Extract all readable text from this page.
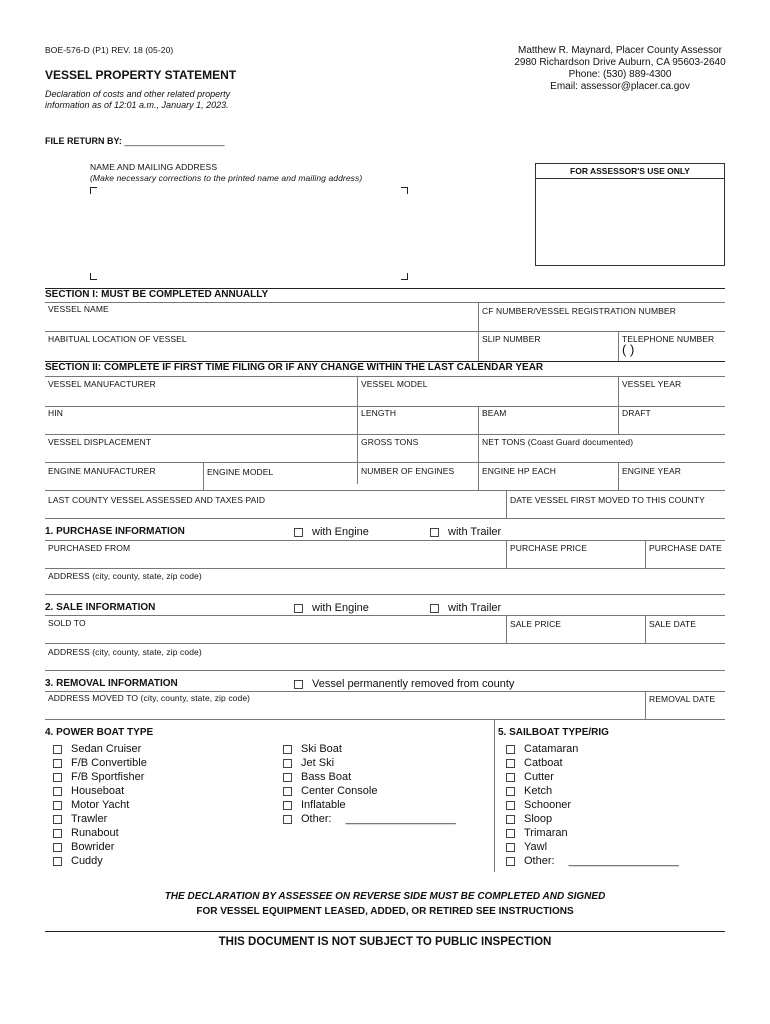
BOE-576-D (P1) REV. 18 (05-20)
VESSEL PROPERTY STATEMENT
Declaration of costs and other related property
information as of 12:01 a.m., January 1, 2023.
Matthew R. Maynard, Placer County Assessor
2980 Richardson Drive Auburn, CA 95603-2640
Phone: (530) 889-4300
Email: assessor@placer.ca.gov
FILE RETURN BY: ____________________
NAME AND MAILING ADDRESS
(Make necessary corrections to the printed name and mailing address)
FOR ASSESSOR'S USE ONLY
SECTION I: MUST BE COMPLETED ANNUALLY
VESSEL NAME	CF NUMBER/VESSEL REGISTRATION NUMBER
HABITUAL LOCATION OF VESSEL	SLIP NUMBER	TELEPHONE NUMBER
( )
SECTION II: COMPLETE IF FIRST TIME FILING OR IF ANY CHANGE WITHIN THE LAST CALENDAR YEAR
VESSEL MANUFACTURER	VESSEL MODEL	VESSEL YEAR
HIN	LENGTH	BEAM	DRAFT
VESSEL DISPLACEMENT	GROSS TONS	NET TONS (Coast Guard documented)
ENGINE MANUFACTURER	ENGINE MODEL	NUMBER OF ENGINES	ENGINE HP EACH	ENGINE YEAR
LAST COUNTY VESSEL ASSESSED AND TAXES PAID	DATE VESSEL FIRST MOVED TO THIS COUNTY
1. PURCHASE INFORMATION	with Engine	with Trailer
PURCHASED FROM	PURCHASE PRICE	PURCHASE DATE
ADDRESS (city, county, state, zip code)
2. SALE INFORMATION	with Engine	with Trailer
SOLD TO	SALE PRICE	SALE DATE
ADDRESS (city, county, state, zip code)
3. REMOVAL INFORMATION	Vessel permanently removed from county
ADDRESS MOVED TO (city, county, state, zip code)	REMOVAL DATE
4. POWER BOAT TYPE
Sedan Cruiser
F/B Convertible
F/B Sportfisher
Houseboat
Motor Yacht
Trawler
Runabout
Bowrider
Cuddy
Ski Boat
Jet Ski
Bass Boat
Center Console
Inflatable
Other: __________________
5. SAILBOAT TYPE/RIG
Catamaran
Catboat
Cutter
Ketch
Schooner
Sloop
Trimaran
Yawl
Other: __________________
THE DECLARATION BY ASSESSEE ON REVERSE SIDE MUST BE COMPLETED AND SIGNED
FOR VESSEL EQUIPMENT LEASED, ADDED, OR RETIRED SEE INSTRUCTIONS
THIS DOCUMENT IS NOT SUBJECT TO PUBLIC INSPECTION
